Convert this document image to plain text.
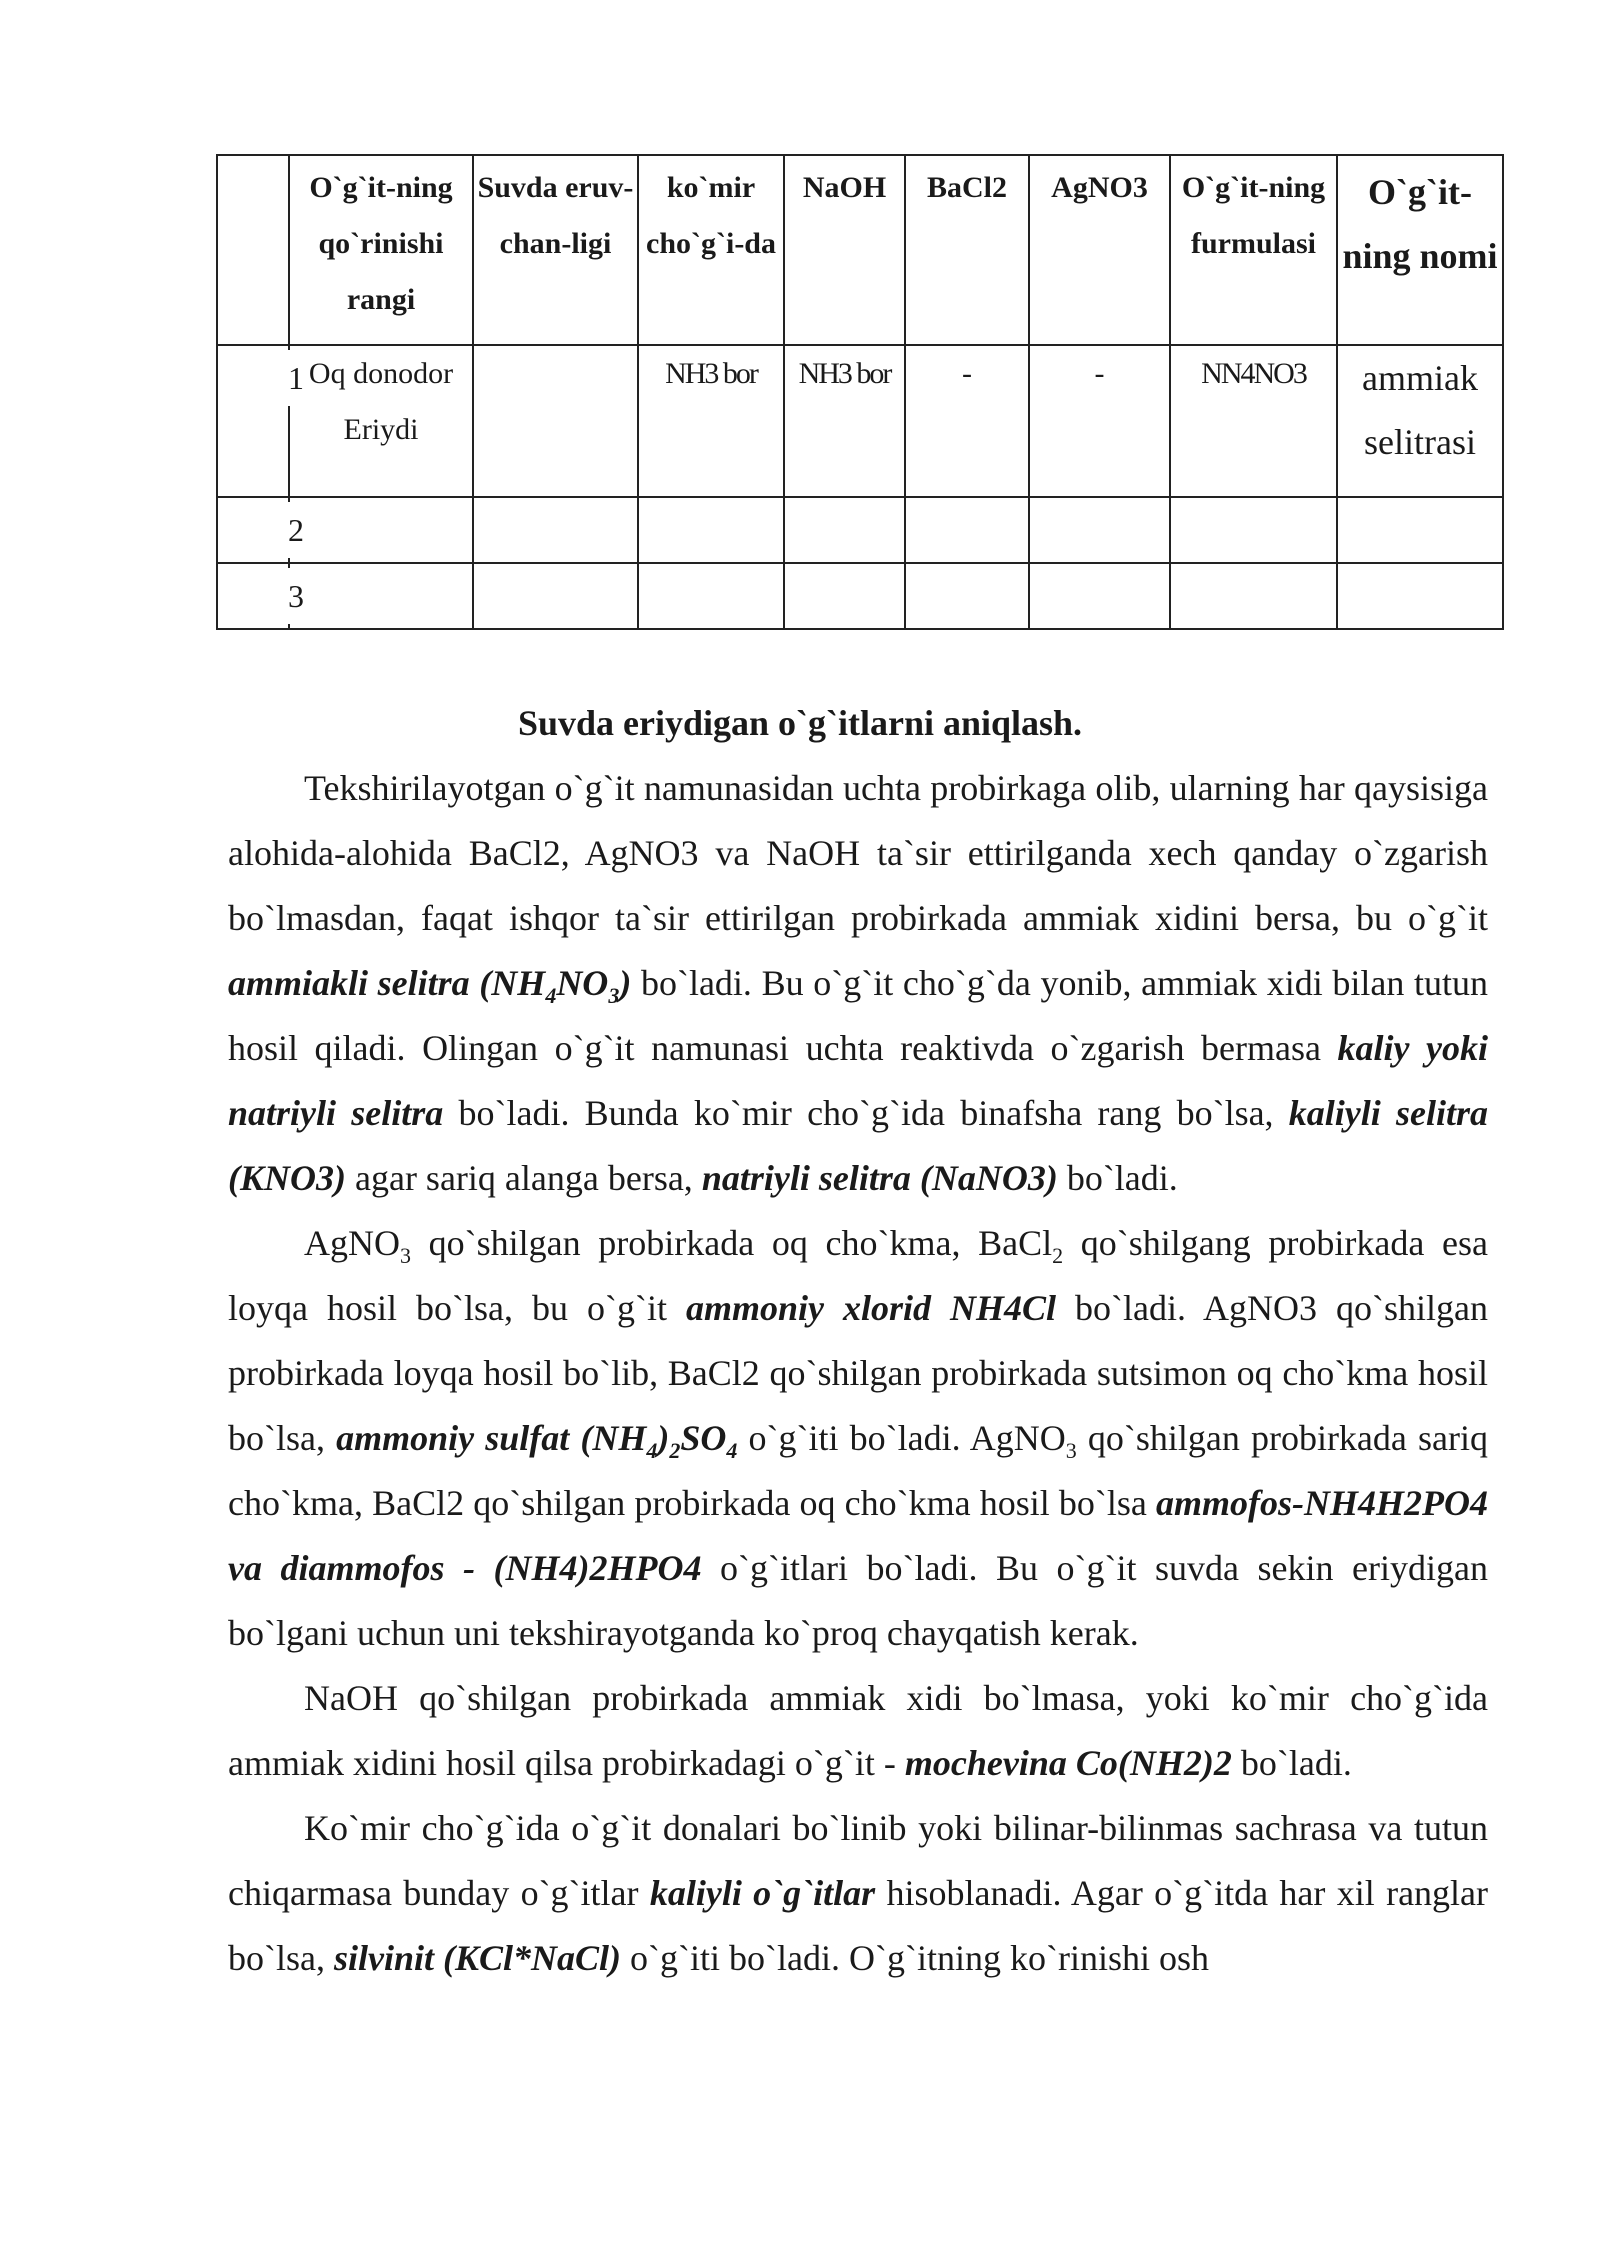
	O`g`it-ning qo`rinishi rangi	Suvda eruv-chan-ligi	ko`mir cho`g`i-da	NaOH	BaCl2	AgNO3	O`g`it-ning furmulasi	O`g`it-ning nomi

1	Oq donodor Eriydi		NH3 bor	NH3 bor	-	-	NN4NO3	ammiak selitrasi

2								

3								

Suvda eriydigan o`g`itlarni aniqlash.

Tekshirilayotgan o`g`it namunasidan uchta probirkaga olib, ularning har qaysisiga alohida-alohida BaCl2, AgNO3 va NaOH ta`sir ettirilganda xech qanday o`zgarish bo`lmasdan, faqat ishqor ta`sir ettirilgan probirkada ammiak xidini bersa, bu o`g`it ammiakli selitra $(NH_4NO_3)$ bo`ladi. Bu o`g`it cho`g`da yonib, ammiak xidi bilan tutun hosil qiladi. Olingan o`g`it namunasi uchta reaktivda o`zgarish bermasa kaliy yoki natriyli selitra bo`ladi. Bunda ko`mir cho`g`ida binafsha rang bo`lsa, kaliyli selitra (KNO3) agar sariq alanga bersa, natriyli selitra (NaNO3) bo`ladi.

AgNO$_3$ qo`shilgan probirkada oq cho`kma, BaCl$_2$ qo`shilgang probirkada esa loyqa hosil bo`lsa, bu o`g`it ammoniy xlorid NH4Cl bo`ladi. AgNO3 qo`shilgan probirkada loyqa hosil bo`lib, BaCl2 qo`shilgan probirkada sutsimon oq cho`kma hosil bo`lsa, ammoniy sulfat $(NH_4)_2SO_4$ o`g`iti bo`ladi. AgNO$_3$ qo`shilgan probirkada sariq cho`kma, BaCl2 qo`shilgan probirkada oq cho`kma hosil bo`lsa ammofos-NH4H2PO4 va diammofos - (NH4)2HPO4 o`g`itlari bo`ladi. Bu o`g`it suvda sekin eriydigan bo`lgani uchun uni tekshirayotganda ko`proq chayqatish kerak.

NaOH qo`shilgan probirkada ammiak xidi bo`lmasa, yoki ko`mir cho`g`ida ammiak xidini hosil qilsa probirkadagi o`g`it - mochevina Co(NH2)2 bo`ladi.

Ko`mir cho`g`ida o`g`it donalari bo`linib yoki bilinar-bilinmas sachrasa va tutun chiqarmasa bunday o`g`itlar kaliyli o`g`itlar hisoblanadi. Agar o`g`itda har xil ranglar bo`lsa, silvinit (KCl*NaCl) o`g`iti bo`ladi. O`g`itning ko`rinishi osh
